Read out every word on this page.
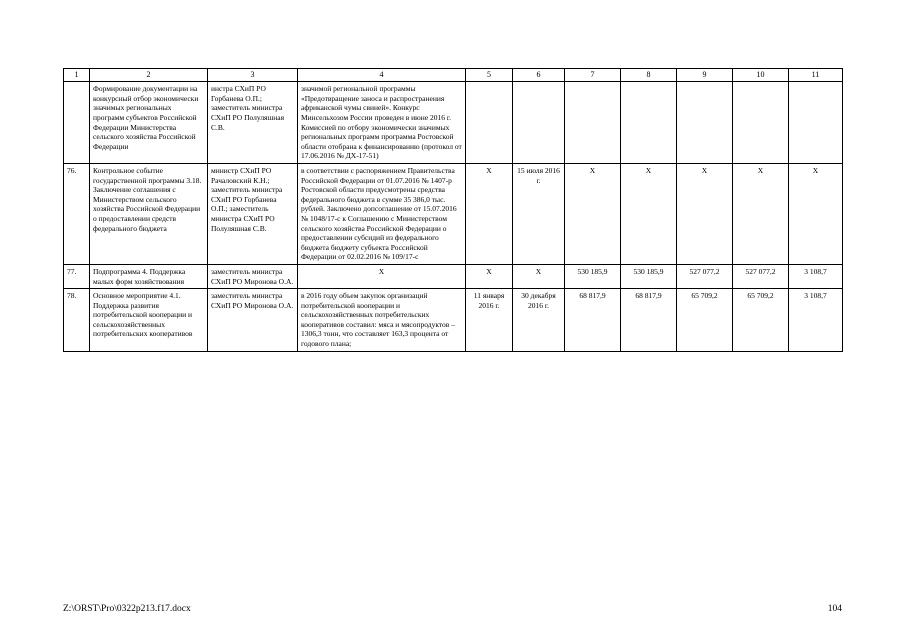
1	2	3	4	5	6	7	8	9	10	11
	Формирование документации на конкурсный отбор экономически значимых региональных программ субъектов Российской Федерации Министерства сельского хозяйства Российской Федерации	инстра СХиП РО Горбанева О.П.; заместитель министра СХиП РО Полуляшная С.В.	значимой региональной программы «Предотвращение заноса и распространения африканской чумы свиней». Конкурс Минсельхозом России проведен в июне 2016 г. Комиссией по отбору экономически значимых региональных программ программа Ростовской области отобрана к финансированию (протокол от 17.06.2016 № ДХ-17-51)							
76.	Контрольное событие государственной программы 3.18. Заключение соглашения с Министерством сельского хозяйства Российской Федерации о предоставлении средств федерального бюджета	министр СХиП РО Рачаловский К.Н.; заместитель министра СХиП РО Горбанева О.П.; заместитель министра СХиП РО Полуляшная С.В.	в соответствии с распоряжением Правительства Российской Федерации от 01.07.2016 № 1407-р Ростовской области предусмотрены средства федерального бюджета в сумме 35 386,0 тыс. рублей. Заключено допсоглашение от 15.07.2016 № 1048/17-с к Соглашению с Министерством сельского хозяйства Российской Федерации о предоставлении субсидий из федерального бюджета бюджету субъекта Российской Федерации от 02.02.2016 № 109/17-с	X	15 июля 2016 г.	X	X	X	X	X
77.	Подпрограмма 4. Поддержка малых форм хозяйствования	заместитель министра СХиП РО Миронова О.А.	X	X	X	530 185,9	530 185,9	527 077,2	527 077,2	3 108,7
78.	Основное мероприятие 4.1. Поддержка развития потребительской кооперации и сельскохозяйственных потребительских кооперативов	заместитель министра СХиП РО Миронова О.А.	в 2016 году объем закупок организаций потребительской кооперации и сельскохозяйственных потребительских кооперативов составил: мяса и мясопродуктов – 1306,3 тонн, что составляет 163,3 процента от годового плана;	11 января 2016 г.	30 декабря 2016 г.	68 817,9	68 817,9	65 709,2	65 709,2	3 108,7
Z:\ORST\Pro\0322p213.f17.docx	104
